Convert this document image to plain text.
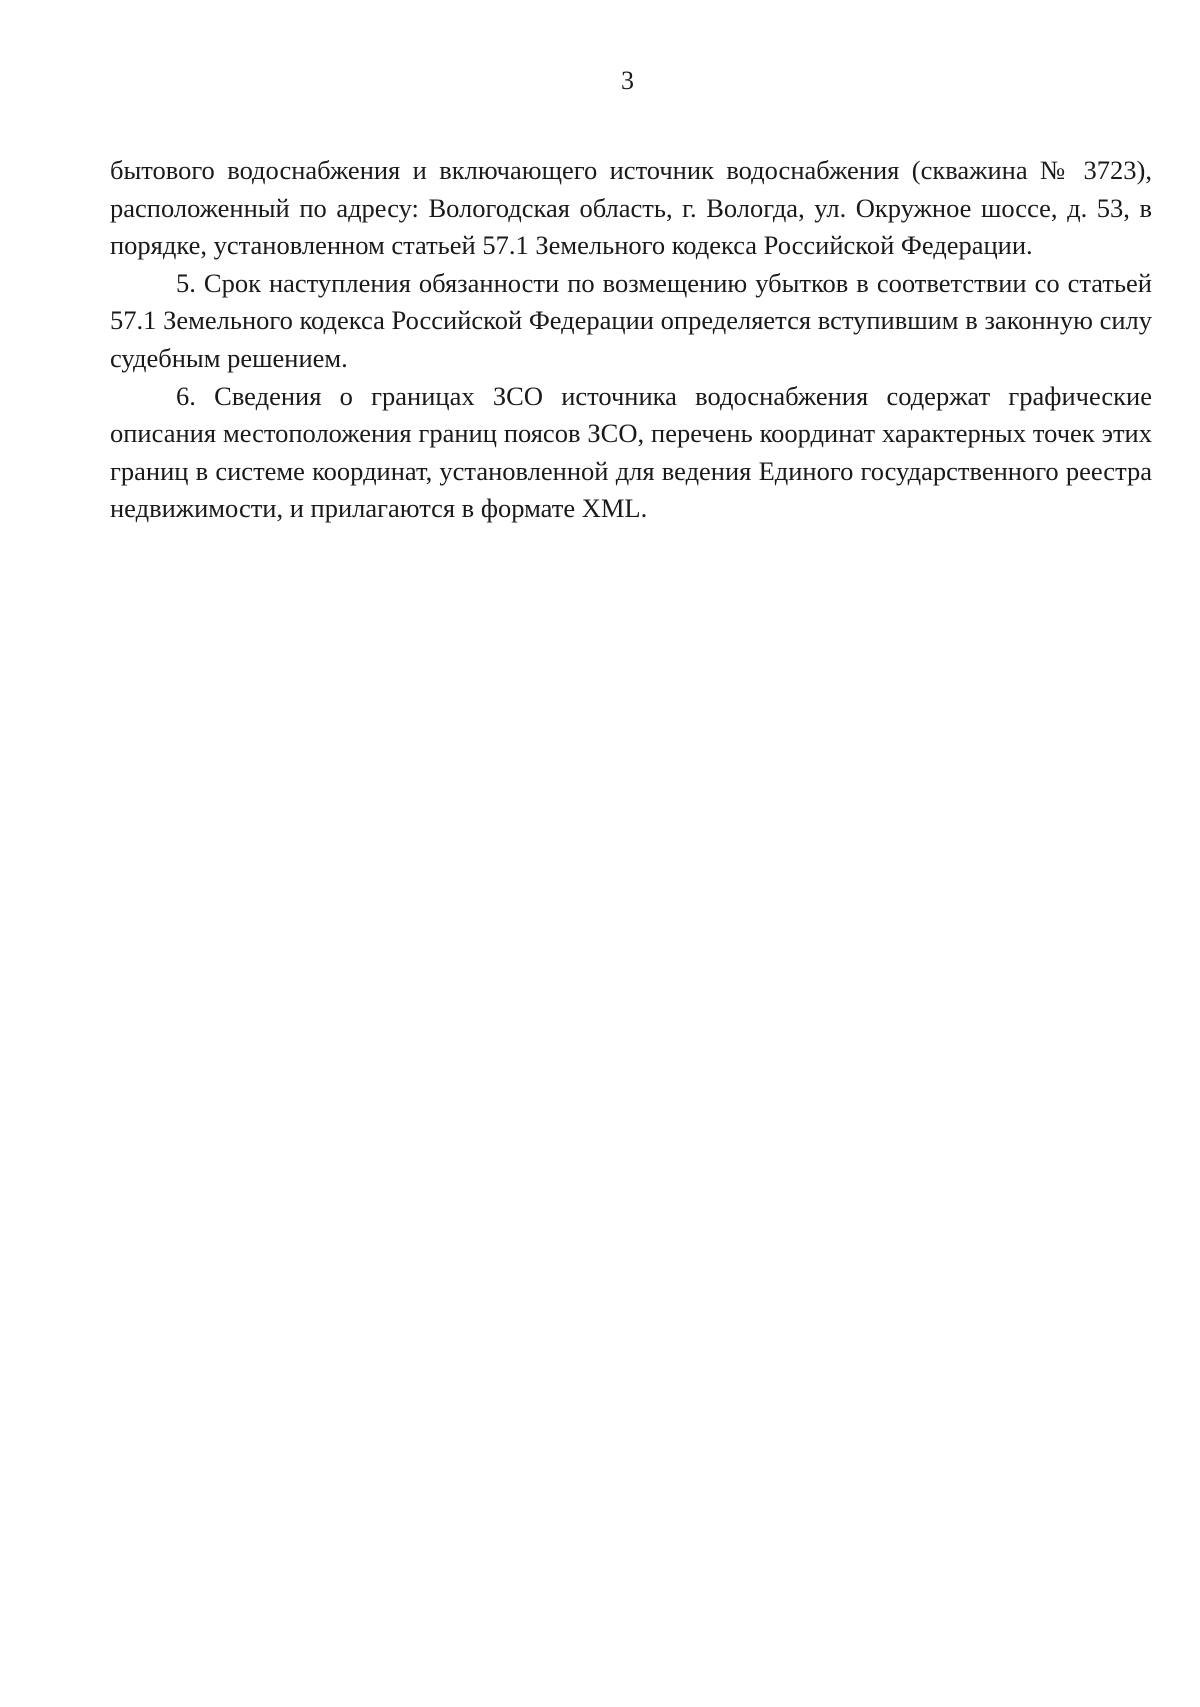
3

бытового водоснабжения и включающего источник водоснабжения (скважина № 3723), расположенный по адресу: Вологодская область, г. Вологда, ул. Окружное шоссе, д. 53, в порядке, установленном статьей 57.1 Земельного кодекса Российской Федерации.

5. Срок наступления обязанности по возмещению убытков в соответствии со статьей 57.1 Земельного кодекса Российской Федерации определяется вступившим в законную силу судебным решением.

6. Сведения о границах ЗСО источника водоснабжения содержат графические описания местоположения границ поясов ЗСО, перечень координат характерных точек этих границ в системе координат, установленной для ведения Единого государственного реестра недвижимости, и прилагаются в формате XML.
